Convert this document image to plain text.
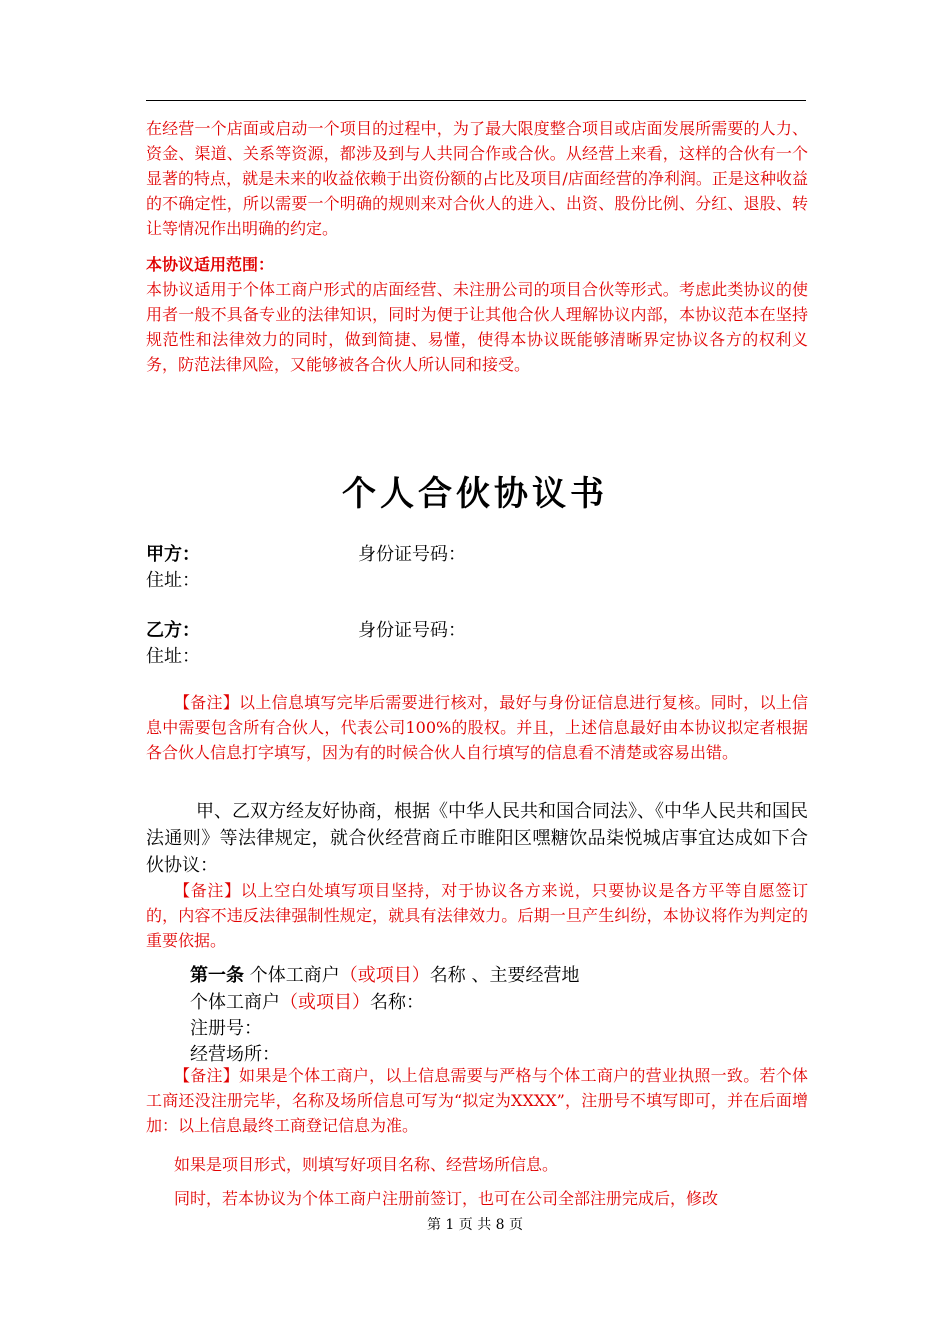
在经营一个店面或启动一个项目的过程中，为了最大限度整合项目或店面发展所需要的人力、资金、渠道、关系等资源，都涉及到与人共同合作或合伙。从经营上来看，这样的合伙有一个显著的特点，就是未来的收益依赖于出资份额的占比及项目/店面经营的净利润。正是这种收益的不确定性，所以需要一个明确的规则来对合伙人的进入、出资、股份比例、分红、退股、转让等情况作出明确的约定。

本协议适用范围：

本协议适用于个体工商户形式的店面经营、未注册公司的项目合伙等形式。考虑此类协议的使用者一般不具备专业的法律知识，同时为便于让其他合伙人理解协议内部，本协议范本在坚持规范性和法律效力的同时，做到简捷、易懂，使得本协议既能够清晰界定协议各方的权利义务，防范法律风险，又能够被各合伙人所认同和接受。

个人合伙协议书
甲方：	身份证号码：
住址：
乙方：	身份证号码：
住址：

【备注】以上信息填写完毕后需要进行核对，最好与身份证信息进行复核。同时，以上信息中需要包含所有合伙人，代表公司100%的股权。并且，上述信息最好由本协议拟定者根据各合伙人信息打字填写，因为有的时候合伙人自行填写的信息看不清楚或容易出错。

甲、乙双方经友好协商，根据《中华人民共和国合同法》、《中华人民共和国民法通则》等法律规定，就合伙经营商丘市睢阳区嘿糖饮品柒悦城店事宜达成如下合伙协议：

【备注】以上空白处填写项目坚持，对于协议各方来说，只要协议是各方平等自愿签订的，内容不违反法律强制性规定，就具有法律效力。后期一旦产生纠纷，本协议将作为判定的重要依据。

第一条 个体工商户（或项目）名称 、主要经营地
个体工商户（或项目）名称：
注册号：
经营场所：

【备注】如果是个体工商户，以上信息需要与严格与个体工商户的营业执照一致。若个体工商还没注册完毕，名称及场所信息可写为“拟定为XXXX”，注册号不填写即可，并在后面增加：以上信息最终工商登记信息为准。

如果是项目形式，则填写好项目名称、经营场所信息。

同时，若本协议为个体工商户注册前签订，也可在公司全部注册完成后，修改

第 1 页 共 8 页
